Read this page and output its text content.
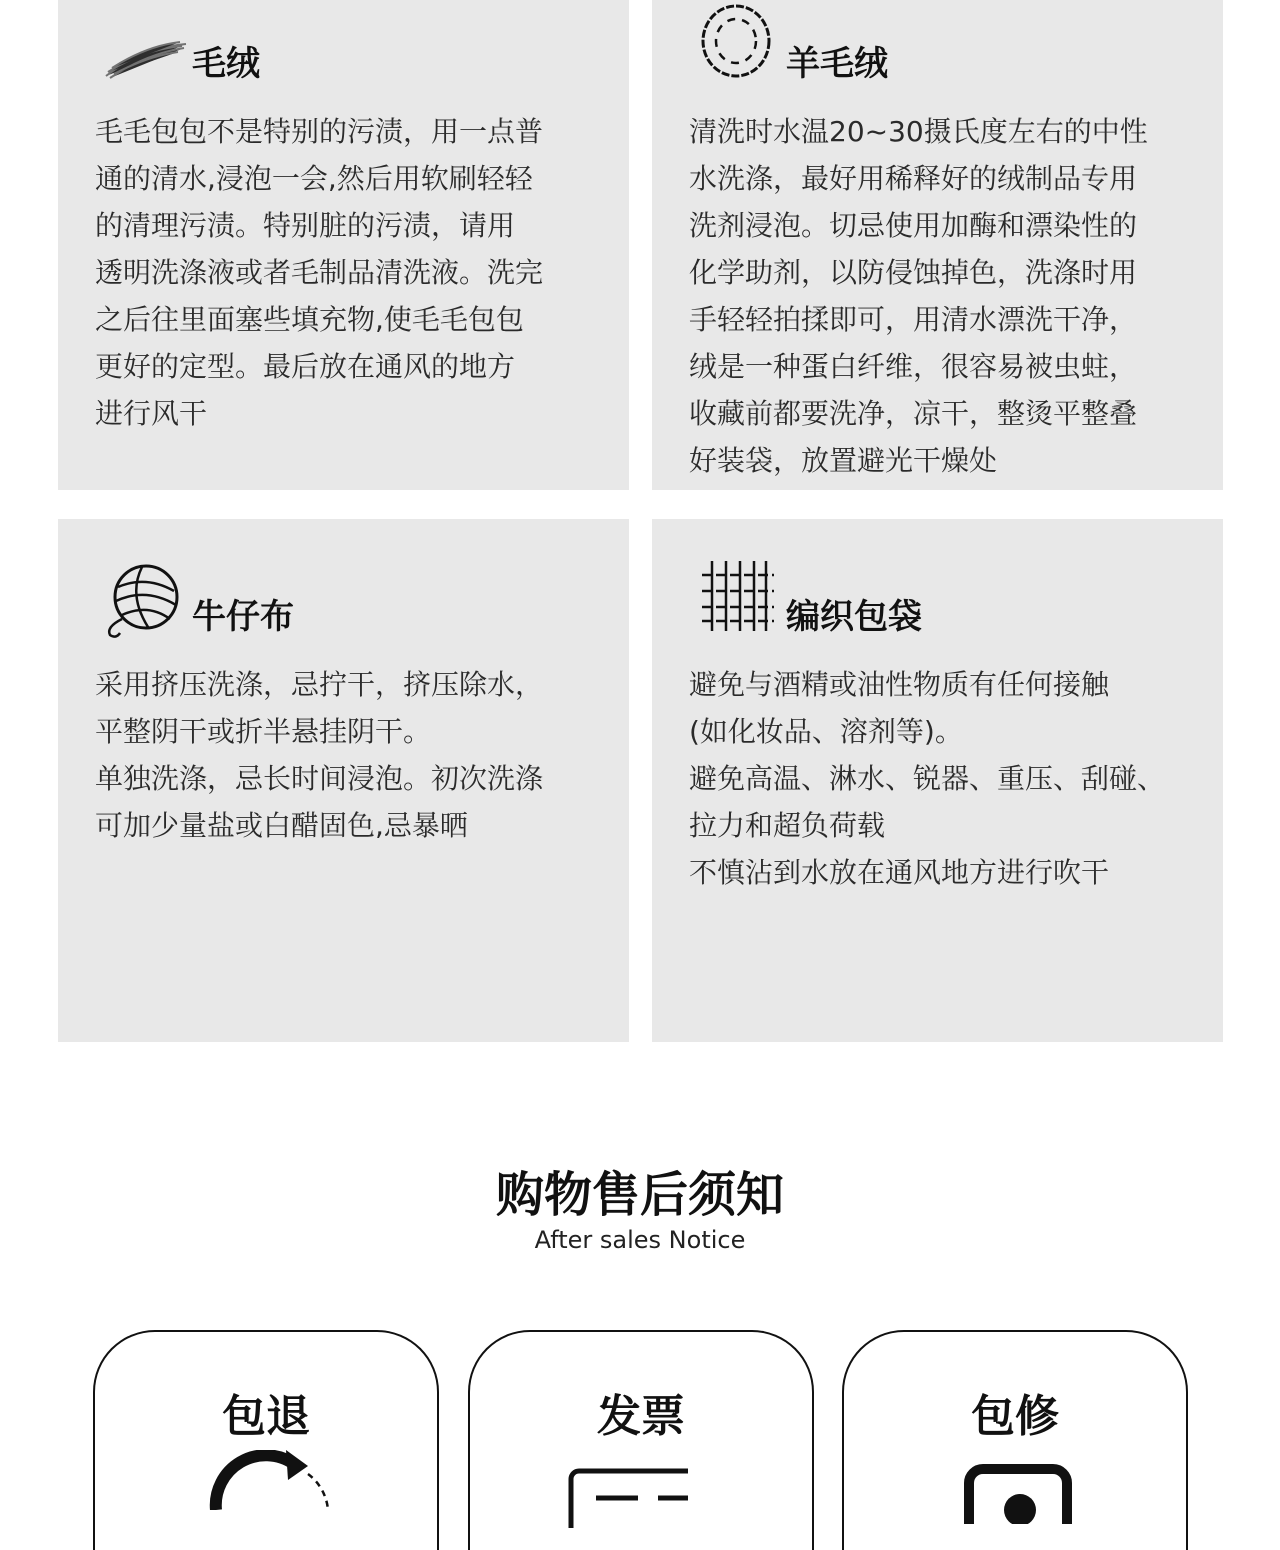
毛绒
毛毛包包不是特别的污渍，用一点普
通的清水,浸泡一会,然后用软刷轻轻
的清理污渍。特别脏的污渍，请用
透明洗涤液或者毛制品清洗液。洗完
之后往里面塞些填充物,使毛毛包包
更好的定型。最后放在通风的地方
进行风干
羊毛绒
清洗时水温20~30摄氏度左右的中性
水洗涤，最好用稀释好的绒制品专用
洗剂浸泡。切忌使用加酶和漂染性的
化学助剂，以防侵蚀掉色，洗涤时用
手轻轻拍揉即可，用清水漂洗干净，
绒是一种蛋白纤维，很容易被虫蛀，
收藏前都要洗净，凉干，整烫平整叠
好装袋，放置避光干燥处
牛仔布
采用挤压洗涤，忌拧干，挤压除水，
平整阴干或折半悬挂阴干。
单独洗涤，忌长时间浸泡。初次洗涤
可加少量盐或白醋固色,忌暴晒
编织包袋
避免与酒精或油性物质有任何接触
(如化妆品、溶剂等)。
避免高温、淋水、锐器、重压、刮碰、
拉力和超负荷载
不慎沾到水放在通风地方进行吹干
购物售后须知
After sales Notice
包退	发票	包修
